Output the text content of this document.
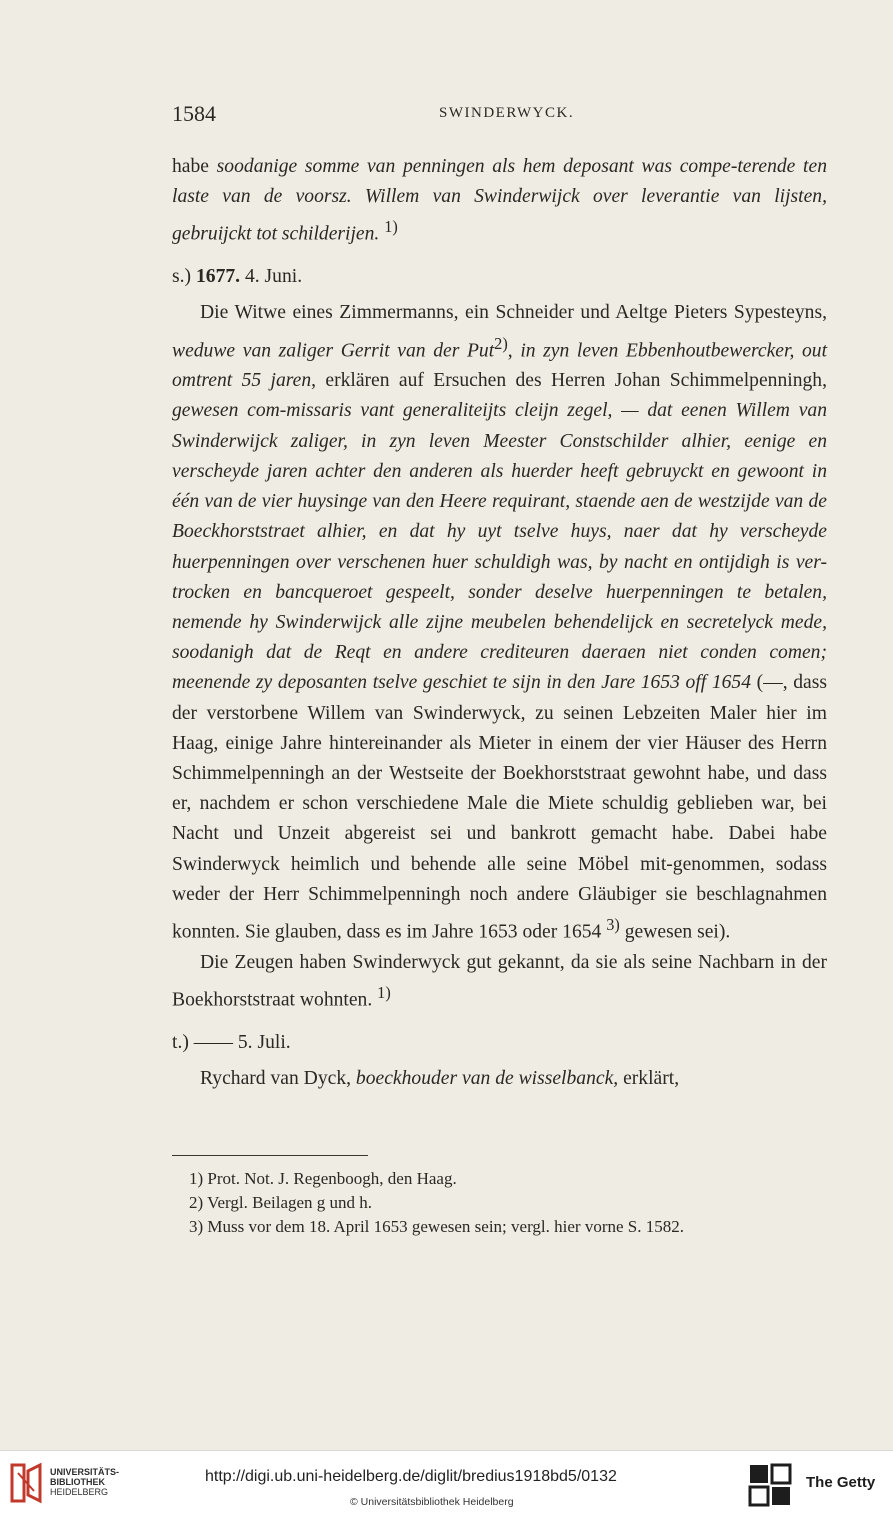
1584	SWINDERWYCK.

habe soodanige somme van penningen als hem deposant was compe-terende ten laste van de voorsz. Willem van Swinderwijck over leverantie van lijsten, gebruijckt tot schilderijen. $^{1)}$

s.) 1677. 4. Juni.

Die Witwe eines Zimmermanns, ein Schneider und Aeltge Pieters Sypesteyns, weduwe van zaliger Gerrit van der Put$^{2)}$, in zyn leven Ebbenhoutbewercker, out omtrent 55 jaren, erklären auf Ersuchen des Herren Johan Schimmelpenningh, gewesen com-missaris vant generaliteijts cleijn zegel, — dat eenen Willem van Swinderwijck zaliger, in zyn leven Meester Constschilder alhier, eenige en verscheyde jaren achter den anderen als huerder heeft gebruyckt en gewoont in één van de vier huysinge van den Heere requirant, staende aen de westzijde van de Boeckhorststraet alhier, en dat hy uyt tselve huys, naer dat hy verscheyde huerpenningen over verschenen huer schuldigh was, by nacht en ontijdigh is ver-trocken en bancqueroet gespeelt, sonder deselve huerpenningen te betalen, nemende hy Swinderwijck alle zijne meubelen behendelijck en secretelyck mede, soodanigh dat de Reqt en andere crediteuren daeraen niet conden comen; meenende zy deposanten tselve geschiet te sijn in den Jare 1653 off 1654 (—, dass der verstorbene Willem van Swinderwyck, zu seinen Lebzeiten Maler hier im Haag, einige Jahre hintereinander als Mieter in einem der vier Häuser des Herrn Schimmelpenningh an der Westseite der Boekhorststraat gewohnt habe, und dass er, nachdem er schon verschiedene Male die Miete schuldig geblieben war, bei Nacht und Unzeit abgereist sei und bankrott gemacht habe. Dabei habe Swinderwyck heimlich und behende alle seine Möbel mit-genommen, sodass weder der Herr Schimmelpenningh noch andere Gläubiger sie beschlagnahmen konnten. Sie glauben, dass es im Jahre 1653 oder 1654 $^{3)}$ gewesen sei).

Die Zeugen haben Swinderwyck gut gekannt, da sie als seine Nachbarn in der Boekhorststraat wohnten. $^{1)}$

t.) —— 5. Juli.

Rychard van Dyck, boeckhouder van de wisselbanck, erklärt,

1) Prot. Not. J. Regenboogh, den Haag.
2) Vergl. Beilagen g und h.
3) Muss vor dem 18. April 1653 gewesen sein; vergl. hier vorne S. 1582.
UNIVERSITÄTS-
BIBLIOTHEK
HEIDELBERG
http://digi.ub.uni-heidelberg.de/diglit/bredius1918bd5/0132
© Universitätsbibliothek Heidelberg
The Getty
